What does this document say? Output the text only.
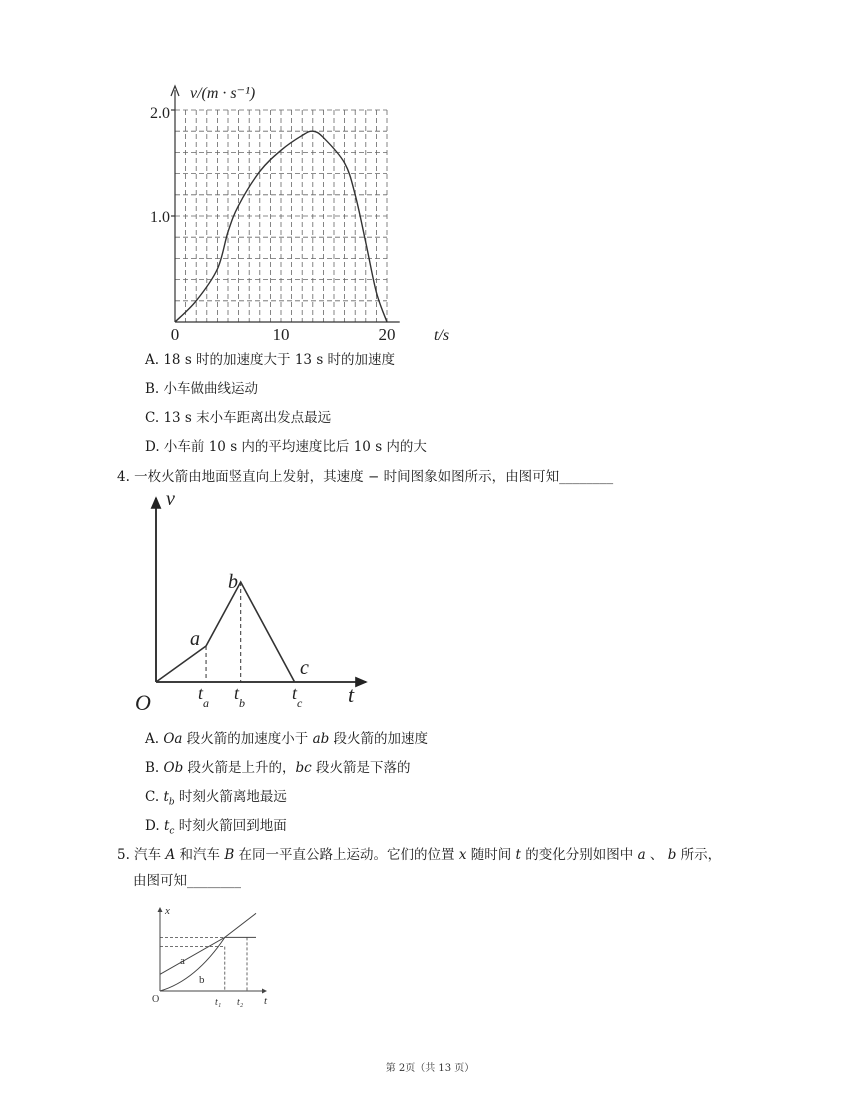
v/(m · s⁻¹)
2.0
1.0
0	10	20 t/s
A. 18 s 时的加速度大于 13 s 时的加速度
B. 小车做曲线运动
C. 13 s 末小车距离出发点最远
D. 小车前 10 s 内的平均速度比后 10 s 内的大
4. 一枚火箭由地面竖直向上发射，其速度 − 时间图象如图所示，由图可知________
v
t
O
a
b
c
$t_a$ $t_b$	$t_c$
A. Oa 段火箭的加速度小于 ab 段火箭的加速度
B. Ob 段火箭是上升的，bc 段火箭是下落的
C. $t_b$ 时刻火箭离地最远
D. $t_c$ 时刻火箭回到地面
5. 汽车 A 和汽车 B 在同一平直公路上运动。它们的位置 x 随时间 t 的变化分别如图中 a 、 b 所示，
由图可知________
x
t
O
a
b
t₁ t₂
第 2页（共 13 页）
